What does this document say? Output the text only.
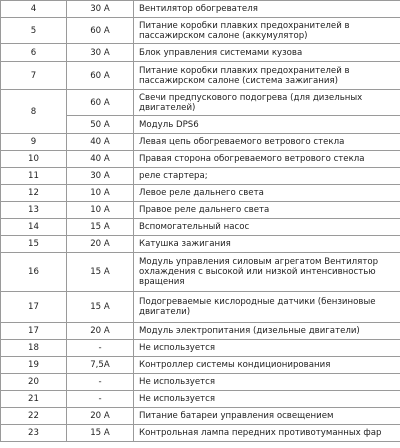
4	30 A	Вентилятор обогревателя
5	60 A	Питание коробки плавких предохранителей в пассажирском салоне (аккумулятор)
6	30 A	Блок управления системами кузова
7	60 A	Питание коробки плавких предохранителей в пассажирском салоне (система зажигания)
8	60 A	Свечи предпускового подогрева (для дизельных двигателей)
	50 A	Модуль DPS6
9	40 A	Левая цепь обогреваемого ветрового стекла
10	40 A	Правая сторона обогреваемого ветрового стекла
11	30 A	реле стартера;
12	10 A	Левое реле дальнего света
13	10 A	Правое реле дальнего света
14	15 A	Вспомогательный насос
15	20 A	Катушка зажигания
16	15 A	Модуль управления силовым агрегатом Вентилятор охлаждения с высокой или низкой интенсивностью вращения
17	15 A	Подогреваемые кислородные датчики (бензиновые двигатели)
17	20 A	Модуль электропитания (дизельные двигатели)
18	-	Не используется
19	7,5A	Контроллер системы кондиционирования
20	-	Не используется
21	-	Не используется
22	20 A	Питание батареи управления освещением
23	15 A	Контрольная лампа передних противотуманных фар
